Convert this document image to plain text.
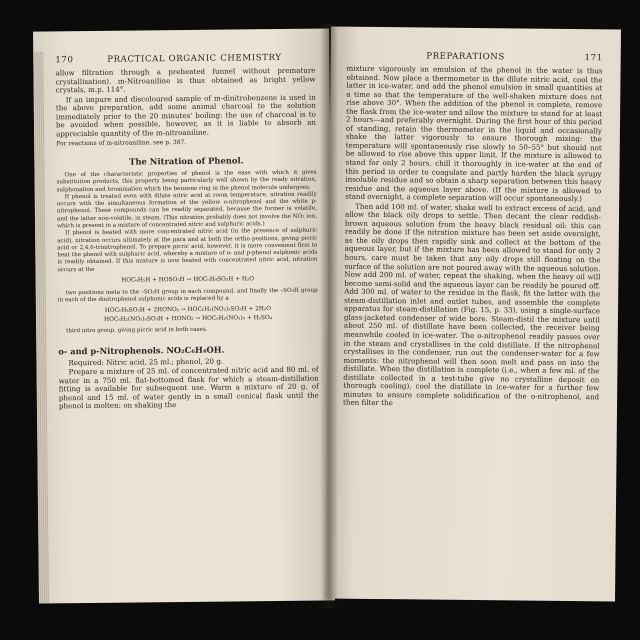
170	PRACTICAL ORGANIC CHEMISTRY

allow filtration through a preheated funnel without premature crystallisation). m-Nitroaniline is thus obtained as bright yellow crystals, m.p. 114°.

If an impure and discoloured sample of m-dinitrobenzene is used in the above preparation, add some animal charcoal to the solution immediately prior to the 20 minutes' boiling: the use of charcoal is to be avoided when possible, however, as it is liable to absorb an appreciable quantity of the m-nitroaniline.

For reactions of m-nitroaniline, see p. 387.
The Nitration of Phenol.

One of the characteristic properties of phenol is the ease with which it gives substitution products, this property being particularly well shown by the ready nitration, sulphonation and bromination which the benzene ring in the phenol molecule undergoes.

If phenol is treated even with dilute nitric acid at room temperature, nitration readily occurs with the simultaneous formation of the yellow o-nitrophenol and the white p-nitrophenol. These compounds can be readily separated, because the former is volatile, and the latter non-volatile, in steam. (This nitration probably does not involve the NO₂ ion, which is present in a mixture of concentrated nitric and sulphuric acids.)

If phenol is heated with more concentrated nitric acid (in the presence of sulphuric acid), nitration occurs ultimately at the para and at both the ortho positions, giving picric acid or 2,4,6-trinitrophenol. To prepare picric acid, however, it is more convenient first to heat the phenol with sulphuric acid, whereby a mixture of o- and p-phenol sulphonic acids is readily obtained. If this mixture is now heated with concentrated nitric acid, nitration occurs at the

HOC₆H₅H + HOSO₃H → HOC₆H₄SO₃H + H₂O

two positions meta to the –SO₃H group in each compound, and finally the –SO₃H group in each of the dinitrophenol sulphonic acids is replaced by a

HOC₆H₄SO₃H + 2HONO₂ → HOC₆H₂(NO₂)₂SO₃H + 2H₂O
HOC₆H₂(NO₂)₂SO₃H + HONO₂ → HOC₆H₂(NO₂)₃ + H₂SO₄

third nitro group, giving picric acid in both cases.

o- and p-Nitrophenols. NO₂C₆H₄OH.

Required: Nitric acid, 25 ml.; phenol, 20 g.

Prepare a mixture of 25 ml. of concentrated nitric acid and 80 ml. of water in a 750 ml. flat-bottomed flask for which a steam-distillation fitting is available for subsequent use. Warm a mixture of 20 g. of phenol and 15 ml. of water gently in a small conical flask until the phenol is molten: on shaking the

PREPARATIONS	171

mixture vigorously an emulsion of the phenol in the water is thus obtained. Now place a thermometer in the dilute nitric acid, cool the latter in ice-water, and add the phenol emulsion in small quantities at a time so that the temperature of the well-shaken mixture does not rise above 30°. When the addition of the phenol is complete, remove the flask from the ice-water and allow the mixture to stand for at least 2 hours—and preferably overnight. During the first hour of this period of standing, retain the thermometer in the liquid and occasionally shake the latter vigorously to ensure thorough mixing: the temperature will spontaneously rise slowly to 50–55° but should not be allowed to rise above this upper limit. If the mixture is allowed to stand for only 2 hours, chill it thoroughly in ice-water at the end of this period in order to coagulate and partly harden the black syrupy insoluble residue and so obtain a sharp separation between this heavy residue and the aqueous layer above. (If the mixture is allowed to stand overnight, a complete separation will occur spontaneously.)

Then add 100 ml. of water, shake well to extract excess of acid, and allow the black oily drops to settle. Then decant the clear reddish-brown aqueous solution from the heavy black residual oil: this can readily be done if the nitration mixture has been set aside overnight, as the oily drops then rapidly sink and collect at the bottom of the aqueous layer, but if the mixture has been allowed to stand for only 2 hours, care must be taken that any oily drops still floating on the surface of the solution are not poured away with the aqueous solution. Now add 200 ml. of water, repeat the shaking, when the heavy oil will become semi-solid and the aqueous layer can be readily be poured off. Add 300 ml. of water to the residue in the flask, fit the latter with the steam-distillation inlet and outlet tubes, and assemble the complete apparatus for steam-distillation (Fig. 15, p. 33), using a single-surface glass-jacketed condenser of wide bore. Steam-distil the mixture until about 250 ml. of distillate have been collected, the receiver being meanwhile cooled in ice-water. The o-nitrophenol readily passes over in the steam and crystallises in the cold distillate. If the nitrophenol crystallises in the condenser, run out the condenser-water for a few moments: the nitrophenol will then soon melt and pass on into the distillate. When the distillation is complete (i.e., when a few ml. of the distillate collected in a test-tube give no crystalline deposit on thorough cooling), cool the distillate in ice-water for a further few minutes to ensure complete solidification of the o-nitrophenol, and then filter the
